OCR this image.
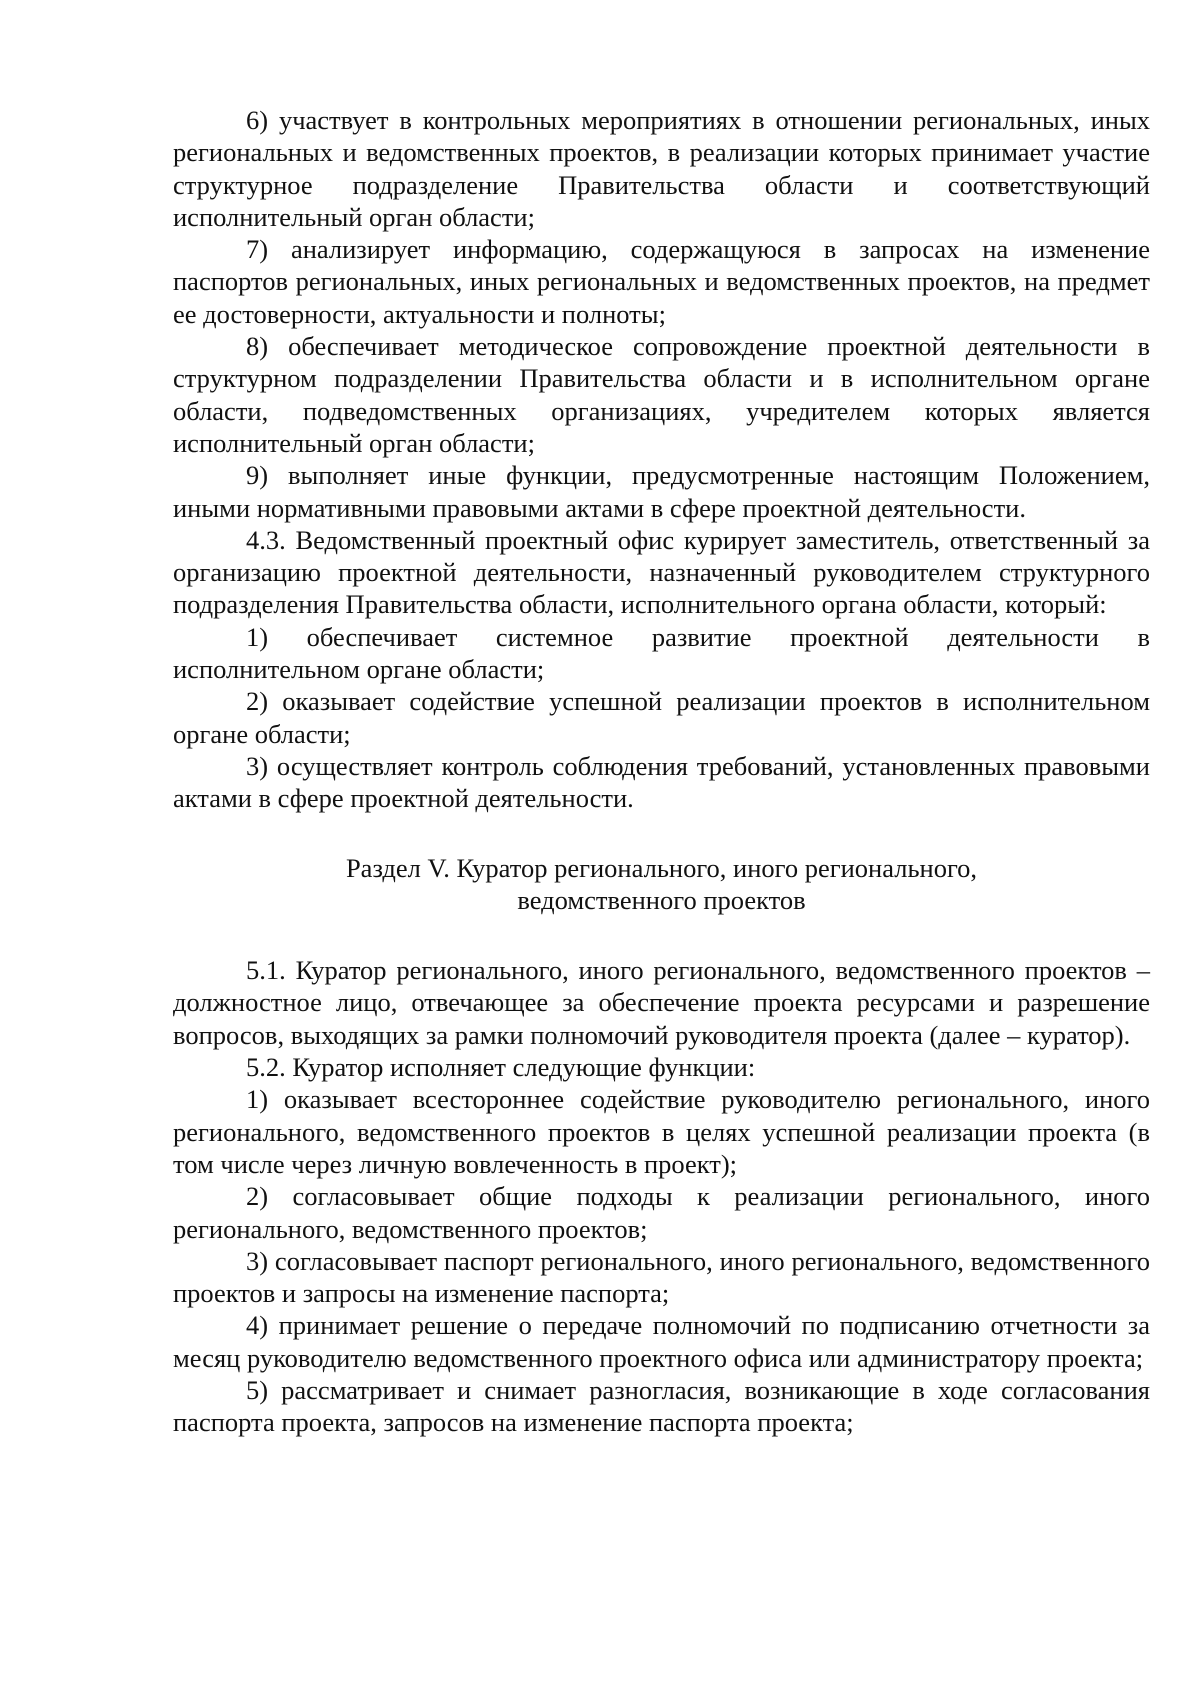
6) участвует в контрольных мероприятиях в отношении региональных, иных региональных и ведомственных проектов, в реализации которых принимает участие структурное подразделение Правительства области и соответствующий исполнительный орган области;

7) анализирует информацию, содержащуюся в запросах на изменение паспортов региональных, иных региональных и ведомственных проектов, на предмет ее достоверности, актуальности и полноты;

8) обеспечивает методическое сопровождение проектной деятельности в структурном подразделении Правительства области и в исполнительном органе области, подведомственных организациях, учредителем которых является исполнительный орган области;

9) выполняет иные функции, предусмотренные настоящим Положением, иными нормативными правовыми актами в сфере проектной деятельности.

4.3. Ведомственный проектный офис курирует заместитель, ответственный за организацию проектной деятельности, назначенный руководителем структурного подразделения Правительства области, исполнительного органа области, который:

1) обеспечивает системное развитие проектной деятельности в исполнительном органе области;

2) оказывает содействие успешной реализации проектов в исполнительном органе области;

3) осуществляет контроль соблюдения требований, установленных правовыми актами в сфере проектной деятельности.

Раздел V. Куратор регионального, иного регионального,
ведомственного проектов

5.1. Куратор регионального, иного регионального, ведомственного проектов – должностное лицо, отвечающее за обеспечение проекта ресурсами и разрешение вопросов, выходящих за рамки полномочий руководителя проекта (далее – куратор).

5.2. Куратор исполняет следующие функции:

1) оказывает всестороннее содействие руководителю регионального, иного регионального, ведомственного проектов в целях успешной реализации проекта (в том числе через личную вовлеченность в проект);

2) согласовывает общие подходы к реализации регионального, иного регионального, ведомственного проектов;

3) согласовывает паспорт регионального, иного регионального, ведомственного проектов и запросы на изменение паспорта;

4) принимает решение о передаче полномочий по подписанию отчетности за месяц руководителю ведомственного проектного офиса или администратору проекта;

5) рассматривает и снимает разногласия, возникающие в ходе согласования паспорта проекта, запросов на изменение паспорта проекта;
